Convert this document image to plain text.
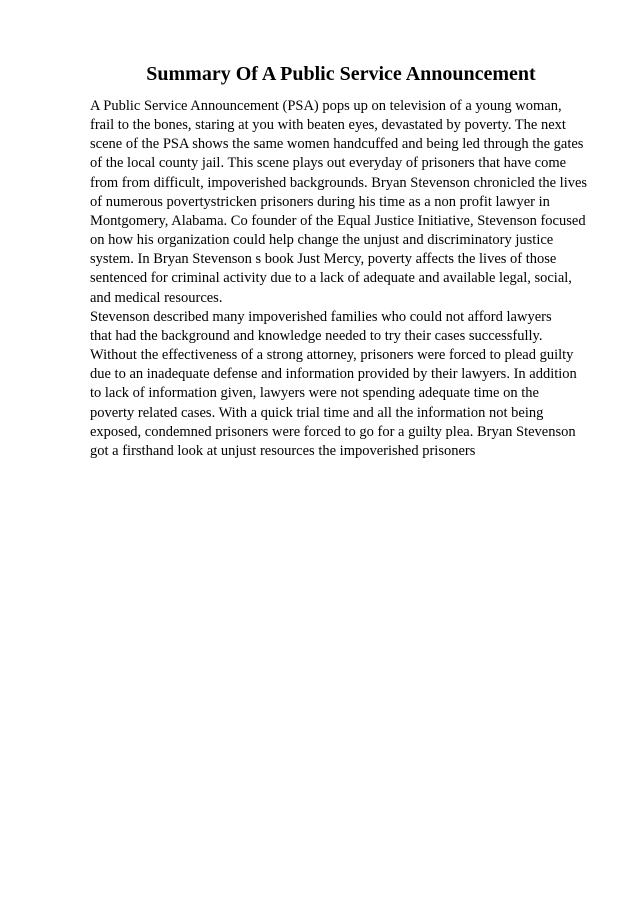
Summary Of A Public Service Announcement
A Public Service Announcement (PSA) pops up on television of a young woman,
frail to the bones, staring at you with beaten eyes, devastated by poverty. The next
scene of the PSA shows the same women handcuffed and being led through the gates
of the local county jail. This scene plays out everyday of prisoners that have come
from from difficult, impoverished backgrounds. Bryan Stevenson chronicled the lives
of numerous povertystricken prisoners during his time as a non profit lawyer in
Montgomery, Alabama. Co founder of the Equal Justice Initiative, Stevenson focused
on how his organization could help change the unjust and discriminatory justice
system. In Bryan Stevenson s book Just Mercy, poverty affects the lives of those
sentenced for criminal activity due to a lack of adequate and available legal, social,
and medical resources.
Stevenson described many impoverished families who could not afford lawyers
that had the background and knowledge needed to try their cases successfully.
Without the effectiveness of a strong attorney, prisoners were forced to plead guilty
due to an inadequate defense and information provided by their lawyers. In addition
to lack of information given, lawyers were not spending adequate time on the
poverty related cases. With a quick trial time and all the information not being
exposed, condemned prisoners were forced to go for a guilty plea. Bryan Stevenson
got a firsthand look at unjust resources the impoverished prisoners
